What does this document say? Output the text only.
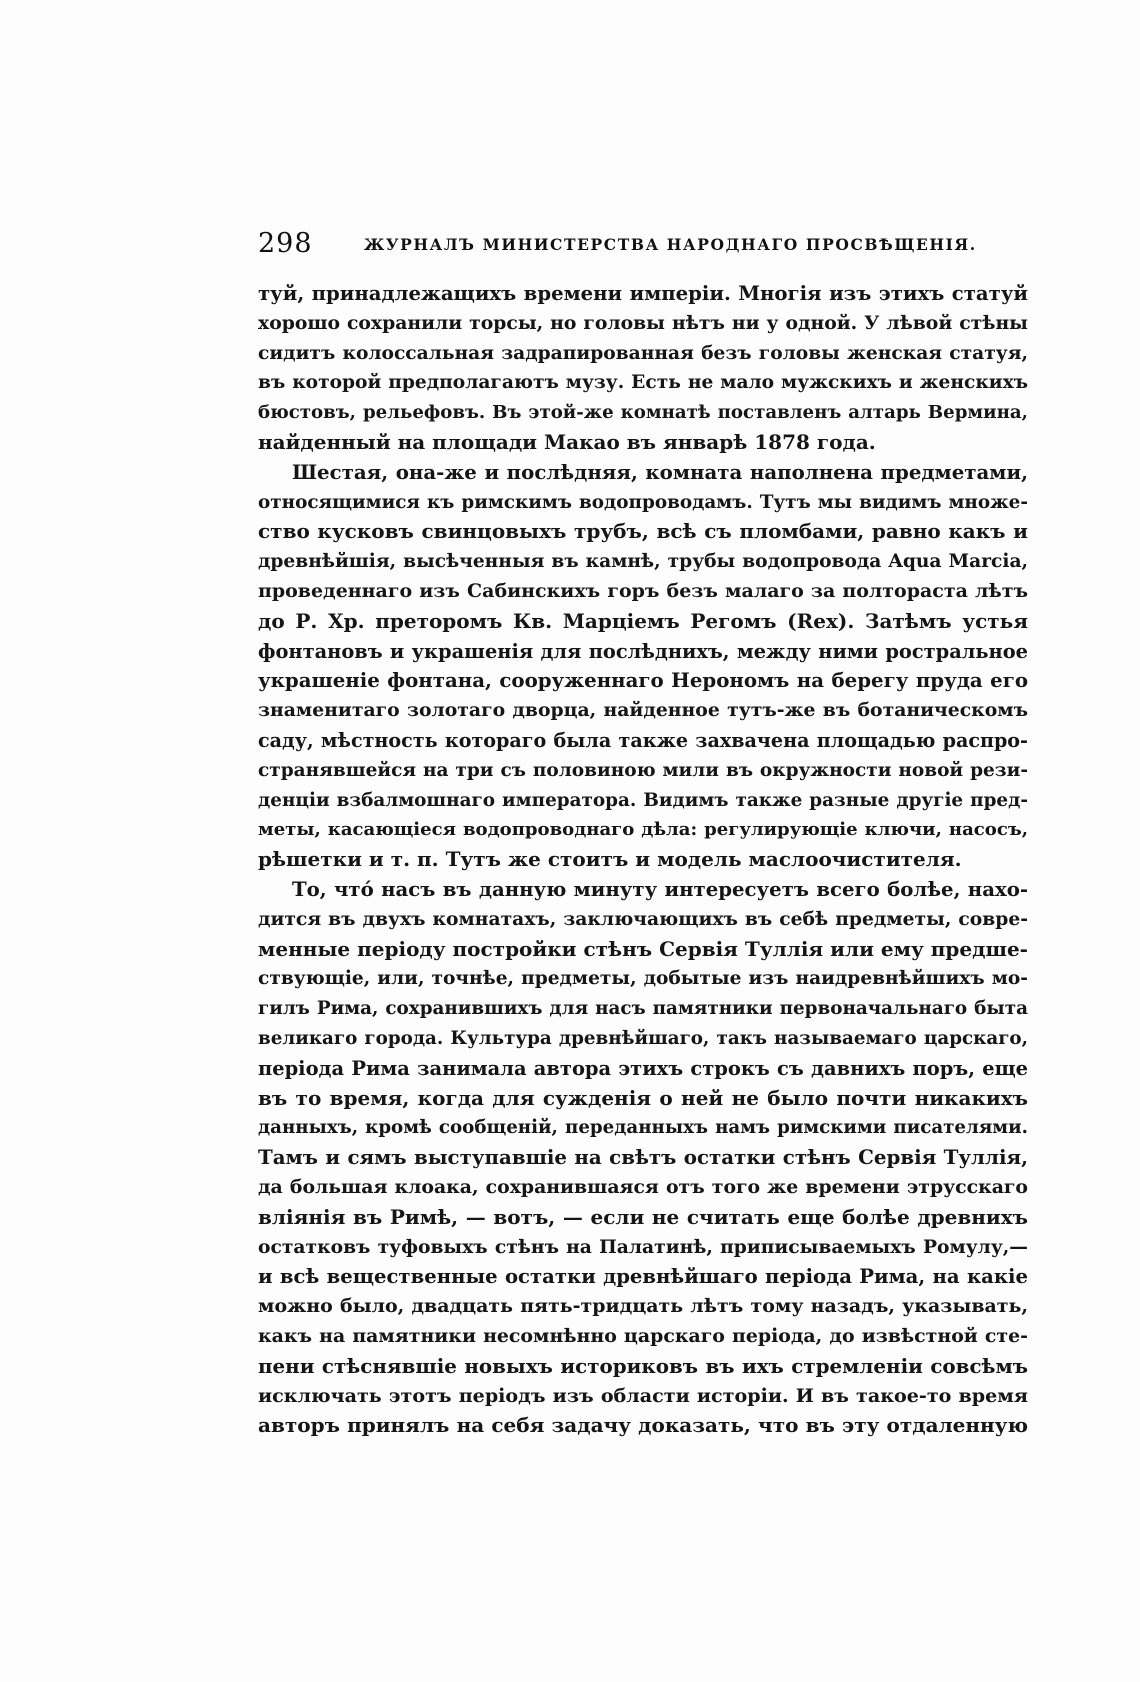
298	ЖУРНАЛЪ МИНИСТЕРСТВА НАРОДНАГО ПРОСВѢЩЕНІЯ.
туй, принадлежащихъ времени имперіи. Многія изъ этихъ статуй
хорошо сохранили торсы, но головы нѣтъ ни у одной. У лѣвой стѣны
сидитъ колоссальная задрапированная безъ головы женская статуя,
въ которой предполагаютъ музу. Есть не мало мужскихъ и женскихъ
бюстовъ, рельефовъ. Въ этой-же комнатѣ поставленъ алтарь Вермина,
найденный на площади Макао въ январѣ 1878 года.
Шестая, она-же и послѣдняя, комната наполнена предметами,
относящимися къ римскимъ водопроводамъ. Тутъ мы видимъ множе-
ство кусковъ свинцовыхъ трубъ, всѣ съ пломбами, равно какъ и
древнѣйшія, высѣченныя въ камнѣ, трубы водопровода Aqua Marcia,
проведеннаго изъ Сабинскихъ горъ безъ малаго за полтораста лѣтъ
до Р. Хр. преторомъ Кв. Марціемъ Регомъ (Rex). Затѣмъ устья
фонтановъ и украшенія для послѣднихъ, между ними ростральное
украшеніе фонтана, сооруженнаго Нерономъ на берегу пруда его
знаменитаго золотаго дворца, найденное тутъ-же въ ботаническомъ
саду, мѣстность котораго была также захвачена площадью распро-
странявшейся на три съ половиною мили въ окружности новой рези-
денціи взбалмошнаго императора. Видимъ также разные другіе пред-
меты, касающіеся водопроводнаго дѣла: регулирующіе ключи, насосъ,
рѣшетки и т. п. Тутъ же стоитъ и модель маслоочистителя.
То, что́ насъ въ данную минуту интересуетъ всего болѣе, нахо-
дится въ двухъ комнатахъ, заключающихъ въ себѣ предметы, совре-
менные періоду постройки стѣнъ Сервія Туллія или ему предше-
ствующіе, или, точнѣе, предметы, добытые изъ наидревнѣйшихъ мо-
гилъ Рима, сохранившихъ для насъ памятники первоначальнаго быта
великаго города. Культура древнѣйшаго, такъ называемаго царскаго,
періода Рима занимала автора этихъ строкъ съ давнихъ поръ, еще
въ то время, когда для сужденія о ней не было почти никакихъ
данныхъ, кромѣ сообщеній, переданныхъ намъ римскими писателями.
Тамъ и сямъ выступавшіе на свѣтъ остатки стѣнъ Сервія Туллія,
да большая клоака, сохранившаяся отъ того же времени этрусскаго
вліянія въ Римѣ, — вотъ, — если не считать еще болѣе древнихъ
остатковъ туфовыхъ стѣнъ на Палатинѣ, приписываемыхъ Ромулу,—
и всѣ вещественные остатки древнѣйшаго періода Рима, на какіе
можно было, двадцать пять-тридцать лѣтъ тому назадъ, указывать,
какъ на памятники несомнѣнно царскаго періода, до извѣстной сте-
пени стѣснявшіе новыхъ историковъ въ ихъ стремленіи совсѣмъ
исключать этотъ періодъ изъ области исторіи. И въ такое-то время
авторъ принялъ на себя задачу доказать, что въ эту отдаленную
